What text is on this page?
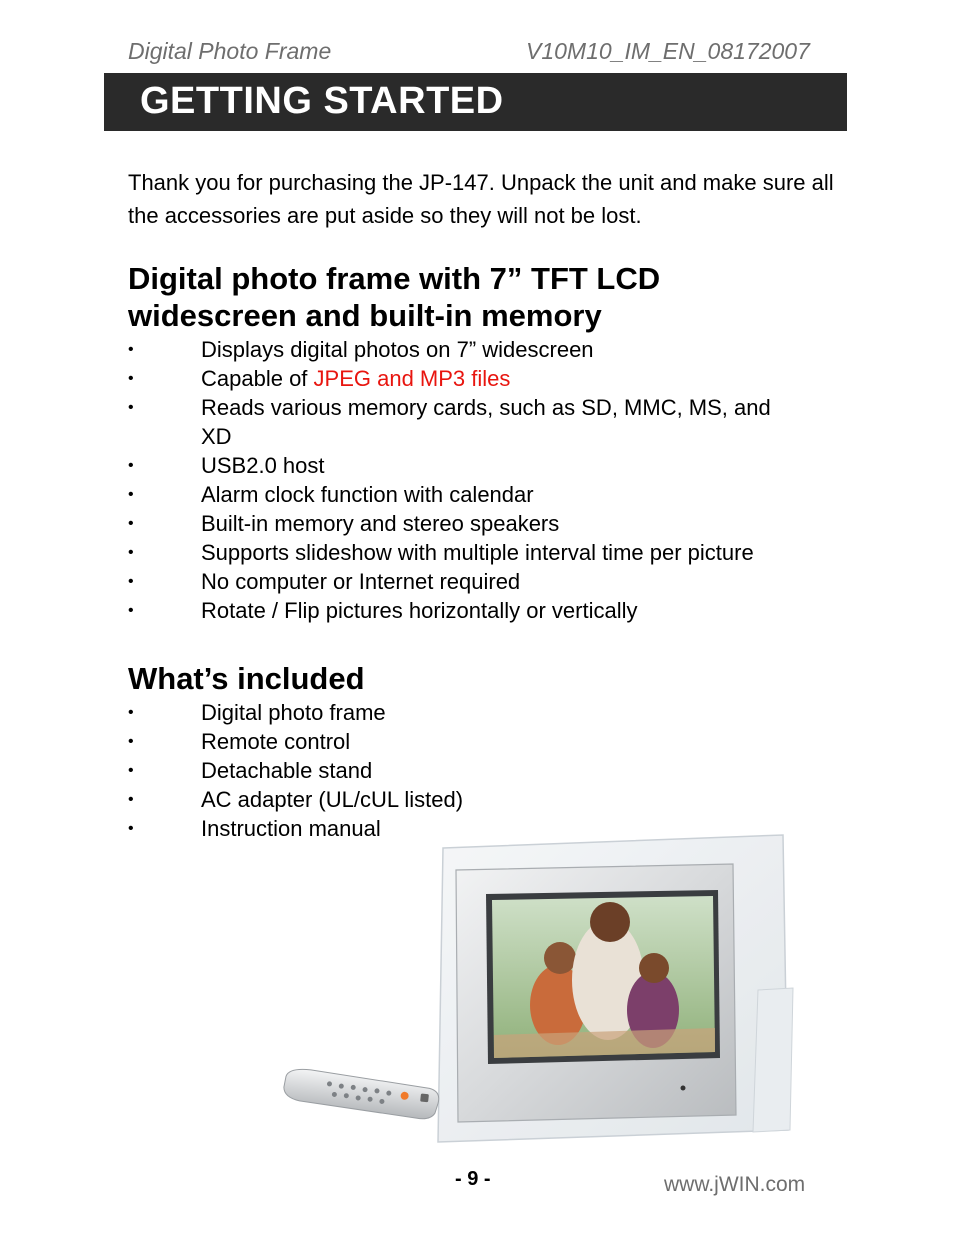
Digital Photo Frame	V10M10_IM_EN_08172007
GETTING STARTED
Thank you for purchasing the JP-147. Unpack the unit and make sure all the accessories are put aside so they will not be lost.
Digital photo frame with 7” TFT LCD widescreen and built-in memory
• Displays digital photos on 7” widescreen
• Capable of JPEG and MP3 files
• Reads various memory cards, such as SD, MMC, MS, and XD
• USB2.0 host
• Alarm clock function with calendar
• Built-in memory and stereo speakers
• Supports slideshow with multiple interval time per picture
• No computer or Internet required
• Rotate / Flip pictures horizontally or vertically
What’s included
• Digital photo frame
• Remote control
• Detachable stand
• AC adapter (UL/cUL listed)
• Instruction manual
- 9 -	www.jWIN.com
